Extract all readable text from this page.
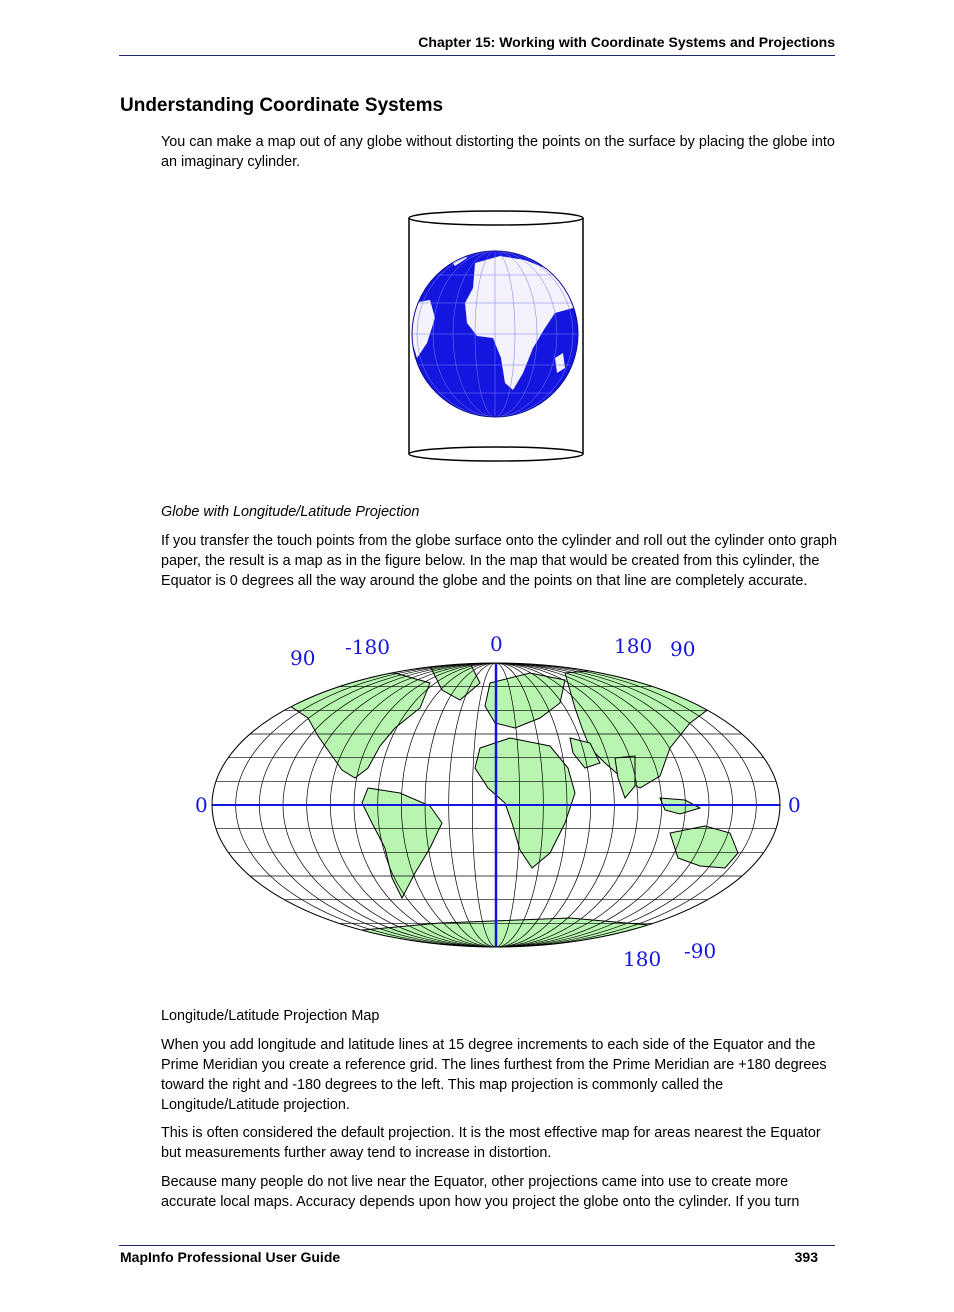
Chapter 15: Working with Coordinate Systems and Projections
Understanding Coordinate Systems

You can make a map out of any globe without distorting the points on the surface by placing the globe into an imaginary cylinder.

Globe with Longitude/Latitude Projection

If you transfer the touch points from the globe surface onto the cylinder and roll out the cylinder onto graph paper, the result is a map as in the figure below. In the map that would be created from this cylinder, the Equator is 0 degrees all the way around the globe and the points on that line are completely accurate.

90 -180	0	180 90
0	0
180 -90

Longitude/Latitude Projection Map

When you add longitude and latitude lines at 15 degree increments to each side of the Equator and the Prime Meridian you create a reference grid. The lines furthest from the Prime Meridian are +180 degrees toward the right and -180 degrees to the left. This map projection is commonly called the Longitude/Latitude projection.

This is often considered the default projection. It is the most effective map for areas nearest the Equator but measurements further away tend to increase in distortion.

Because many people do not live near the Equator, other projections came into use to create more accurate local maps. Accuracy depends upon how you project the globe onto the cylinder. If you turn

MapInfo Professional User Guide	393
